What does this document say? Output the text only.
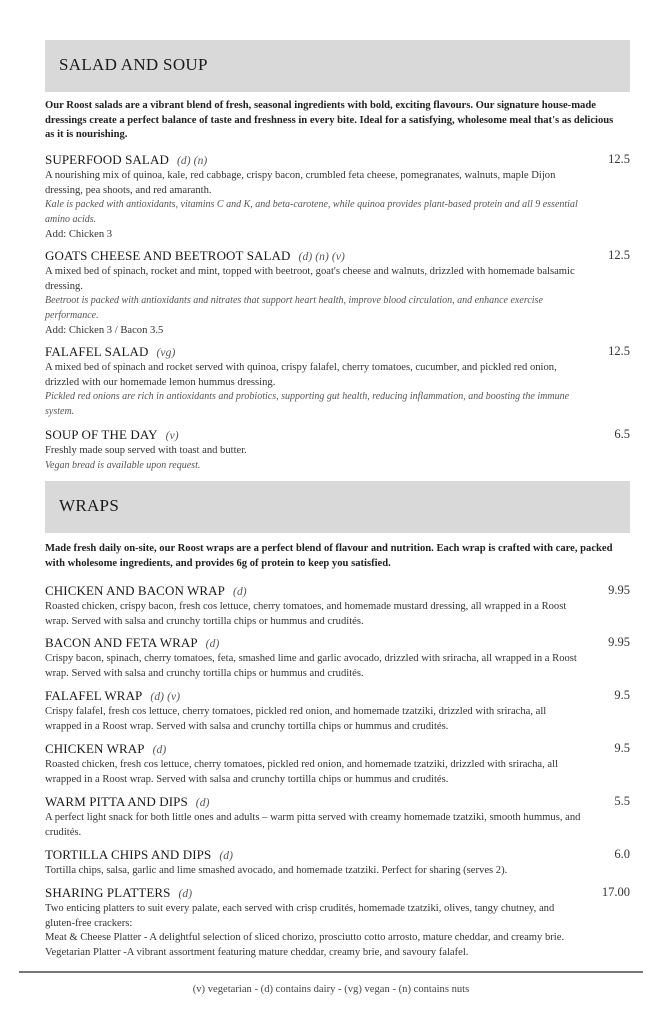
SALAD AND SOUP
Our Roost salads are a vibrant blend of fresh, seasonal ingredients with bold, exciting flavours. Our signature house-made dressings create a perfect balance of taste and freshness in every bite. Ideal for a satisfying, wholesome meal that's as delicious as it is nourishing.
SUPERFOOD SALAD (d) (n)	12.5
A nourishing mix of quinoa, kale, red cabbage, crispy bacon, crumbled feta cheese, pomegranates, walnuts, maple Dijon dressing, pea shoots, and red amaranth.
Kale is packed with antioxidants, vitamins C and K, and beta-carotene, while quinoa provides plant-based protein and all 9 essential amino acids.
Add: Chicken 3
GOATS CHEESE AND BEETROOT SALAD (d) (n) (v)	12.5
A mixed bed of spinach, rocket and mint, topped with beetroot, goat's cheese and walnuts, drizzled with homemade balsamic dressing.
Beetroot is packed with antioxidants and nitrates that support heart health, improve blood circulation, and enhance exercise performance.
Add: Chicken 3 / Bacon 3.5
FALAFEL SALAD (vg)	12.5
A mixed bed of spinach and rocket served with quinoa, crispy falafel, cherry tomatoes, cucumber, and pickled red onion, drizzled with our homemade lemon hummus dressing.
Pickled red onions are rich in antioxidants and probiotics, supporting gut health, reducing inflammation, and boosting the immune system.
SOUP OF THE DAY (v)	6.5
Freshly made soup served with toast and butter.
Vegan bread is available upon request.
WRAPS
Made fresh daily on-site, our Roost wraps are a perfect blend of flavour and nutrition. Each wrap is crafted with care, packed with wholesome ingredients, and provides 6g of protein to keep you satisfied.
CHICKEN AND BACON WRAP (d)	9.95
Roasted chicken, crispy bacon, fresh cos lettuce, cherry tomatoes, and homemade mustard dressing, all wrapped in a Roost wrap. Served with salsa and crunchy tortilla chips or hummus and crudités.
BACON AND FETA WRAP (d)	9.95
Crispy bacon, spinach, cherry tomatoes, feta, smashed lime and garlic avocado, drizzled with sriracha, all wrapped in a Roost wrap. Served with salsa and crunchy tortilla chips or hummus and crudités.
FALAFEL WRAP (d) (v)	9.5
Crispy falafel, fresh cos lettuce, cherry tomatoes, pickled red onion, and homemade tzatziki, drizzled with sriracha, all wrapped in a Roost wrap. Served with salsa and crunchy tortilla chips or hummus and crudités.
CHICKEN WRAP (d)	9.5
Roasted chicken, fresh cos lettuce, cherry tomatoes, pickled red onion, and homemade tzatziki, drizzled with sriracha, all wrapped in a Roost wrap. Served with salsa and crunchy tortilla chips or hummus and crudités.
WARM PITTA AND DIPS (d)	5.5
A perfect light snack for both little ones and adults – warm pitta served with creamy homemade tzatziki, smooth hummus, and crudités.
TORTILLA CHIPS AND DIPS (d)	6.0
Tortilla chips, salsa, garlic and lime smashed avocado, and homemade tzatziki. Perfect for sharing (serves 2).
SHARING PLATTERS (d)	17.00
Two enticing platters to suit every palate, each served with crisp crudités, homemade tzatziki, olives, tangy chutney, and gluten-free crackers:
Meat & Cheese Platter - A delightful selection of sliced chorizo, prosciutto cotto arrosto, mature cheddar, and creamy brie.
Vegetarian Platter -A vibrant assortment featuring mature cheddar, creamy brie, and savoury falafel.
(v) vegetarian - (d) contains dairy - (vg) vegan - (n) contains nuts
